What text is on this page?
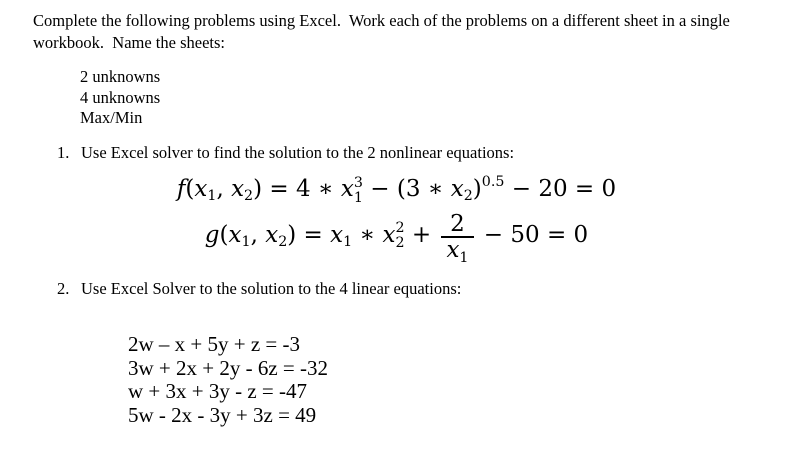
Complete the following problems using Excel.  Work each of the problems on a different sheet in a single
workbook.  Name the sheets:
2 unknowns
4 unknowns
Max/Min
1. Use Excel solver to find the solution to the 2 nonlinear equations:
$f(x_1$, $x_2) = 4$ ∗ x 3
1 − (3 ∗ $x_2)^{0.5} - 20 = 0$
$g(x_1$, $x_2) = x_1$ ∗ x 2
$2 + \frac{2}{x_1} - 50 = 0$
2. Use Excel Solver to the solution to the 4 linear equations:
2w – x + 5y + z = -3
3w + 2x + 2y - 6z = -32
w + 3x + 3y - z = -47
5w - 2x - 3y + 3z = 49
